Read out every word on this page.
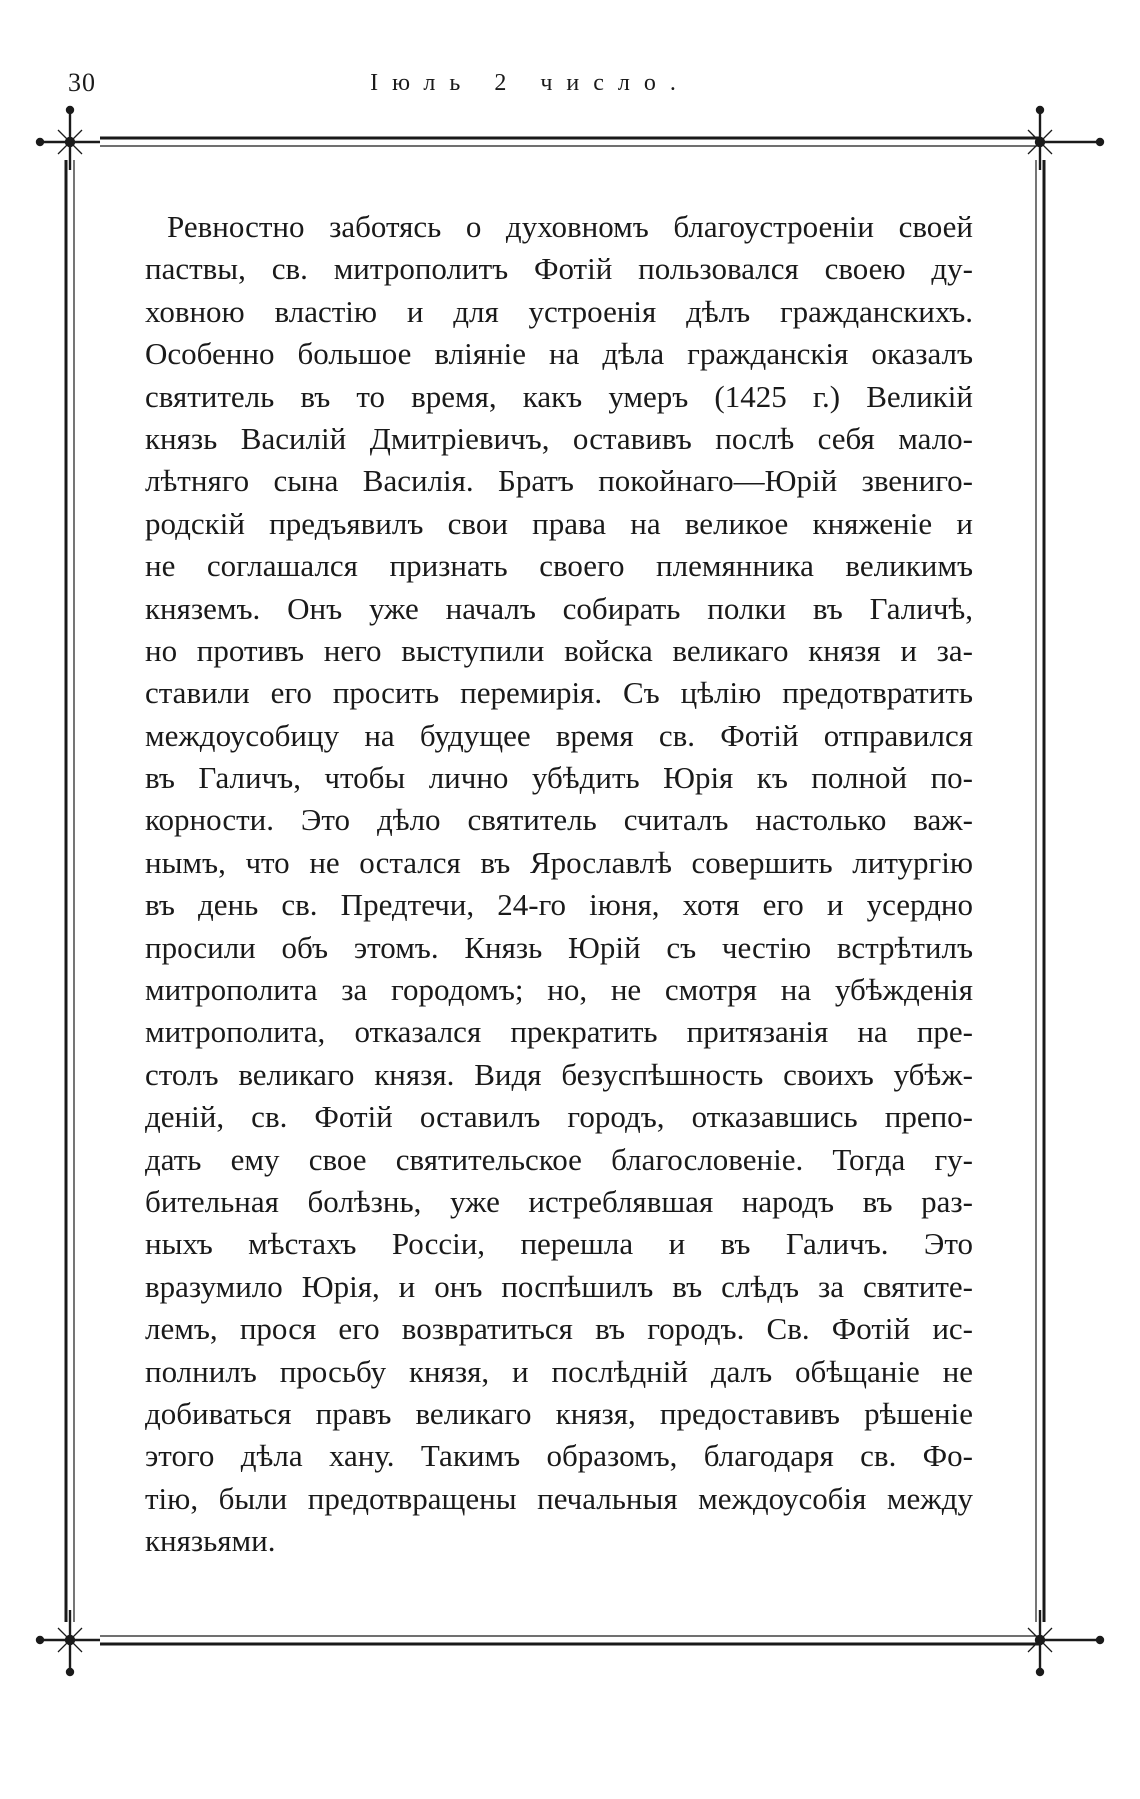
30	Iюль 2 число.
Ревностно заботясь о духовномъ благоустроенiи своей
паствы, св. митрополитъ Фотiй пользовался своею ду-
ховною властiю и для устроенiя дѣлъ гражданскихъ.
Особенно большое влiянiе на дѣла гражданскiя оказалъ
святитель въ то время, какъ умеръ (1425 г.) Великiй
князь Василiй Дмитрiевичъ, оставивъ послѣ себя мало-
лѣтняго сына Василiя. Братъ покойнаго—Юрiй звениго-
родскiй предъявилъ свои права на великое княженiе и
не соглашался признать своего племянника великимъ
княземъ. Онъ уже началъ собирать полки въ Галичѣ,
но противъ него выступили войска великаго князя и за-
ставили его просить перемирiя. Съ цѣлiю предотвратить
междоусобицу на будущее время св. Фотiй отправился
въ Галичъ, чтобы лично убѣдить Юрiя къ полной по-
корности. Это дѣло святитель считалъ настолько важ-
нымъ, что не остался въ Ярославлѣ совершить литургiю
въ день св. Предтечи, 24-го iюня, хотя его и усердно
просили объ этомъ. Князь Юрiй съ честiю встрѣтилъ
митрополита за городомъ; но, не смотря на убѣжденiя
митрополита, отказался прекратить притязанiя на пре-
столъ великаго князя. Видя безуспѣшность своихъ убѣж-
денiй, св. Фотiй оставилъ городъ, отказавшись препо-
дать ему свое святительское благословенiе. Тогда гу-
бительная болѣзнь, уже истреблявшая народъ въ раз-
ныхъ мѣстахъ Россiи, перешла и въ Галичъ. Это
вразумило Юрiя, и онъ поспѣшилъ въ слѣдъ за святите-
лемъ, прося его возвратиться въ городъ. Св. Фотiй ис-
полнилъ просьбу князя, и послѣднiй далъ обѣщанiе не
добиваться правъ великаго князя, предоставивъ рѣшенiе
этого дѣла хану. Такимъ образомъ, благодаря св. Фо-
тiю, были предотвращены печальныя междоусобiя между
князьями.
